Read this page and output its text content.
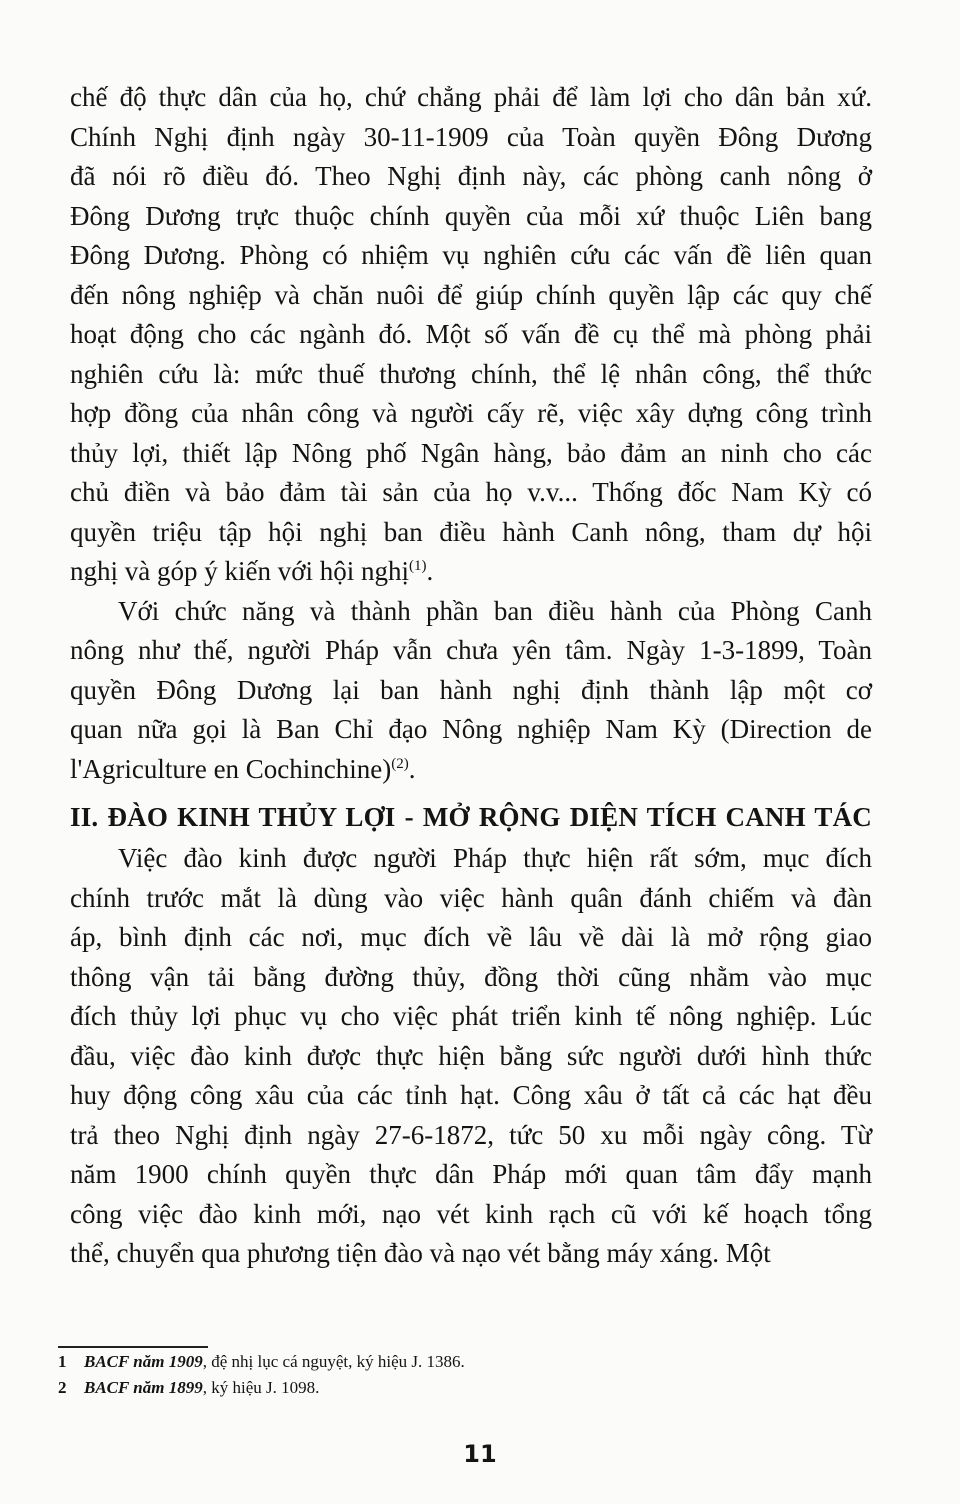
chế độ thực dân của họ, chứ chẳng phải để làm lợi cho dân bản xứ.
Chính Nghị định ngày 30-11-1909 của Toàn quyền Đông Dương
đã nói rõ điều đó. Theo Nghị định này, các phòng canh nông ở
Đông Dương trực thuộc chính quyền của mỗi xứ thuộc Liên bang
Đông Dương. Phòng có nhiệm vụ nghiên cứu các vấn đề liên quan
đến nông nghiệp và chăn nuôi để giúp chính quyền lập các quy chế
hoạt động cho các ngành đó. Một số vấn đề cụ thể mà phòng phải
nghiên cứu là: mức thuế thương chính, thể lệ nhân công, thể thức
hợp đồng của nhân công và người cấy rẽ, việc xây dựng công trình
thủy lợi, thiết lập Nông phố Ngân hàng, bảo đảm an ninh cho các
chủ điền và bảo đảm tài sản của họ v.v... Thống đốc Nam Kỳ có
quyền triệu tập hội nghị ban điều hành Canh nông, tham dự hội
nghị và góp ý kiến với hội nghị$^{(1)}$.
Với chức năng và thành phần ban điều hành của Phòng Canh
nông như thế, người Pháp vẫn chưa yên tâm. Ngày 1-3-1899, Toàn
quyền Đông Dương lại ban hành nghị định thành lập một cơ
quan nữa gọi là Ban Chỉ đạo Nông nghiệp Nam Kỳ (Direction de
l'Agriculture en Cochinchine)$^{(2)}$.
II. ĐÀO KINH THỦY LỢI - MỞ RỘNG DIỆN TÍCH CANH TÁC
Việc đào kinh được người Pháp thực hiện rất sớm, mục đích
chính trước mắt là dùng vào việc hành quân đánh chiếm và đàn
áp, bình định các nơi, mục đích về lâu về dài là mở rộng giao
thông vận tải bằng đường thủy, đồng thời cũng nhằm vào mục
đích thủy lợi phục vụ cho việc phát triển kinh tế nông nghiệp. Lúc
đầu, việc đào kinh được thực hiện bằng sức người dưới hình thức
huy động công xâu của các tỉnh hạt. Công xâu ở tất cả các hạt đều
trả theo Nghị định ngày 27-6-1872, tức 50 xu mỗi ngày công. Từ
năm 1900 chính quyền thực dân Pháp mới quan tâm đẩy mạnh
công việc đào kinh mới, nạo vét kinh rạch cũ với kế hoạch tổng
thể, chuyển qua phương tiện đào và nạo vét bằng máy xáng. Một
1 BACF năm 1909, đệ nhị lục cá nguyệt, ký hiệu J. 1386.
2 BACF năm 1899, ký hiệu J. 1098.
11
